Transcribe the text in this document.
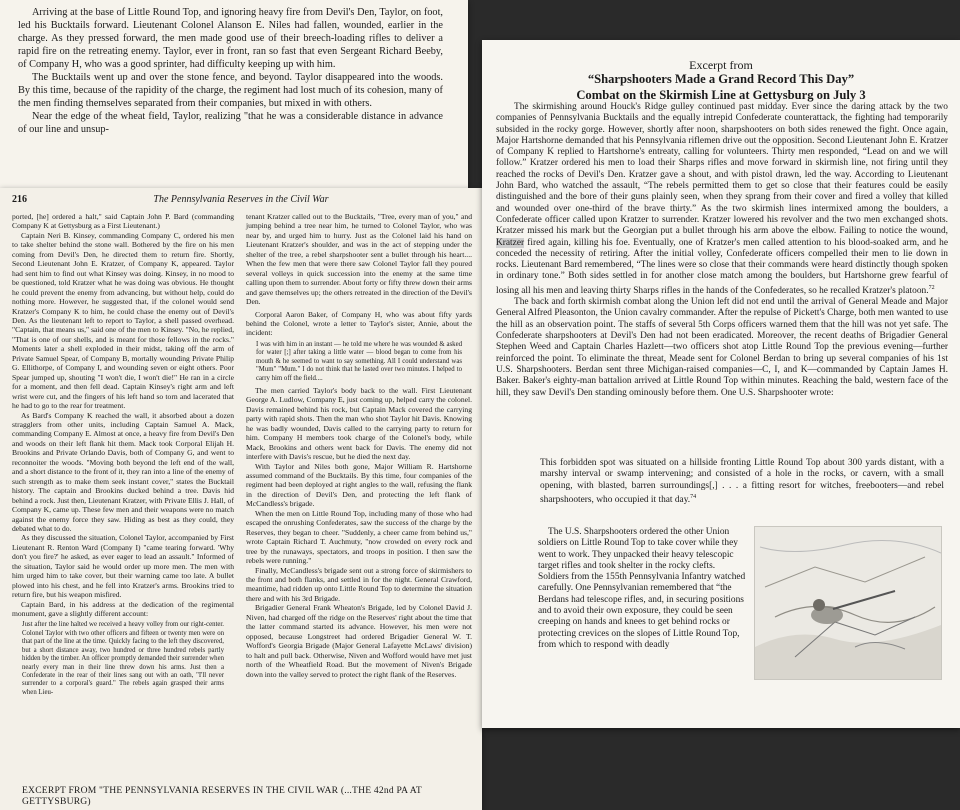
Arriving at the base of Little Round Top, and ignoring heavy fire from Devil's Den, Taylor, on foot, led his Bucktails forward. Lieutenant Colonel Alanson E. Niles had fallen, wounded, earlier in the charge. As they pressed forward, the men made good use of their breech-loading rifles to deliver a rapid fire on the retreating enemy. Taylor, ever in front, ran so fast that even Sergeant Richard Beeby, of Company H, who was a good sprinter, had difficulty keeping up with him.

The Bucktails went up and over the stone fence, and beyond. Taylor disappeared into the woods. By this time, because of the rapidity of the charge, the regiment had lost much of its cohesion, many of the men finding themselves separated from their companies, but mixed in with others.

Near the edge of the wheat field, Taylor, realizing "that he was a considerable distance in advance of our line and unsup-

216	The Pennsylvania Reserves in the Civil War

ported, [he] ordered a halt," said Captain John P. Bard (commanding Company K at Gettysburg as a First Lieutenant.)

Captain Neri B. Kinsey, commanding Company C, ordered his men to take shelter behind the stone wall. Bothered by the fire on his men coming from Devil's Den, he directed them to return fire. Shortly, Second Lieutenant John E. Kratzer, of Company K, appeared. Taylor had sent him to find out what Kinsey was doing. Kinsey, in no mood to be questioned, told Kratzer what he was doing was obvious. He thought he could prevent the enemy from advancing, but without help, could do nothing more. However, he suggested that, if the colonel would send Kratzer's Company K to him, he could chase the enemy out of Devil's Den. As the lieutenant left to report to Taylor, a shell passed overhead. "Captain, that means us," said one of the men to Kinsey. "No, he replied, "That is one of our shells, and is meant for those fellows in the rocks." Moments later a shell exploded in their midst, taking off the arm of Private Samuel Spear, of Company B, mortally wounding Private Philip G. Ellithorpe, of Company I, and wounding seven or eight others. Poor Spear jumped up, shouting "I won't die, I won't die!" He ran in a circle for a moment, and then fell dead. Captain Kinsey's right arm and left wrist were cut, and the fingers of his left hand so torn and lacerated that he had to go to the rear for treatment.

As Bard's Company K reached the wall, it absorbed about a dozen stragglers from other units, including Captain Samuel A. Mack, commanding Company E. Almost at once, a heavy fire from Devil's Den and woods on their left flank hit them. Mack took Corporal Elijah H. Brookins and Private Orlando Davis, both of Company G, and went to reconnoiter the woods. "Moving both beyond the left end of the wall, and a short distance to the front of it, they ran into a line of the enemy of such strength as to make them seek instant cover," states the Bucktail history. The captain and Brookins ducked behind a tree. Davis hid behind a rock. Just then, Lieutenant Kratzer, with Private Ellis J. Hall, of Company K, came up. These few men and their weapons were no match against the enemy force they saw. Hiding as best as they could, they debated what to do.

As they discussed the situation, Colonel Taylor, accompanied by First Lieutenant R. Renton Ward (Company I) "came tearing forward. 'Why don't you fire?' he asked, as ever eager to lead an assault." Informed of the situation, Taylor said he would order up more men. The men with him urged him to take cover, but their warning came too late. A bullet plowed into his chest, and he fell into Kratzer's arms. Brookins tried to return fire, but his weapon misfired.

Captain Bard, in his address at the dedication of the regimental monument, gave a slightly different account:

Just after the line halted we received a heavy volley from our right-center. Colonel Taylor with two other officers and fifteen or twenty men were on that part of the line at the time. Quickly facing to the left they discovered, but a short distance away, two hundred or three hundred rebels partly hidden by the timber. An officer promptly demanded their surrender when nearly every man in their line threw down his arms. Just then a Confederate in the rear of their lines sang out with an oath, "I'll never surrender to a corporal's guard." The rebels again grasped their arms when Lieu-

tenant Kratzer called out to the Bucktails, "Tree, every man of you," and jumping behind a tree near him, he turned to Colonel Taylor, who was near by, and urged him to hurry. Just as the Colonel laid his hand on Lieutenant Kratzer's shoulder, and was in the act of stepping under the shelter of the tree, a rebel sharpshooter sent a bullet through his heart.... When the few men that were there saw Colonel Taylor fall they poured several volleys in quick succession into the enemy at the same time calling upon them to surrender. About forty or fifty threw down their arms and gave themselves up; the others retreated in the direction of the Devil's Den.

Corporal Aaron Baker, of Company H, who was about fifty yards behind the Colonel, wrote a letter to Taylor's sister, Annie, about the incident:

I was with him in an instant — he told me where he was wounded & asked for water [;] after taking a little water — blood began to come from his mouth & he seemed to want to say something. All I could understand was "Mum" "Mum." I do not think that he lasted over two minutes. I helped to carry him off the field....

The men carried Taylor's body back to the wall. First Lieutenant George A. Ludlow, Company E, just coming up, helped carry the colonel. Davis remained behind his rock, but Captain Mack covered the carrying party with rapid shots. Then the man who shot Taylor hit Davis. Knowing he was badly wounded, Davis called to the carrying party to return for him. Company H members took charge of the Colonel's body, while Mack, Brookins and others went back for Davis. The enemy did not interfere with Davis's rescue, but he died the next day.

With Taylor and Niles both gone, Major William R. Hartshorne assumed command of the Bucktails. By this time, four companies of the regiment had been deployed at right angles to the wall, refusing the flank in the direction of Devil's Den, and protecting the left flank of McCandless's brigade.

When the men on Little Round Top, including many of those who had escaped the onrushing Confederates, saw the success of the charge by the Reserves, they began to cheer. "Suddenly, a cheer came from behind us," wrote Captain Richard T. Auchmuty, "now crowded on every rock and tree by the runaways, spectators, and troops in position. I then saw the rebels were running."

Finally, McCandless's brigade sent out a strong force of skirmishers to the front and both flanks, and settled in for the night. General Crawford, meantime, had ridden up onto Little Round Top to determine the situation there and with his 3rd Brigade.

Brigadier General Frank Wheaton's Brigade, led by Colonel David J. Niven, had charged off the ridge on the Reserves' right about the time that the latter command started its advance. However, his men were not opposed, because Longstreet had ordered Brigadier General W. T. Wofford's Georgia Brigade (Major General Lafayette McLaws' division) to halt and pull back. Otherwise, Niven and Wofford would have met just north of the Wheatfield Road. But the movement of Niven's Brigade down into the valley served to protect the right flank of the Reserves.

EXCERPT FROM "THE PENNSYLVANIA RESERVES IN THE CIVIL WAR (...THE 42nd PA AT GETTYSBURG)
Excerpt from
“Sharpshooters Made a Grand Record This Day”
Combat on the Skirmish Line at Gettysburg on July 3

The skirmishing around Houck's Ridge gulley continued past midday. Ever since the daring attack by the two companies of Pennsylvania Bucktails and the equally intrepid Confederate counterattack, the fighting had temporarily subsided in the rocky gorge. However, shortly after noon, sharpshooters on both sides renewed the fight. Once again, Major Hartshorne demanded that his Pennsylvania riflemen drive out the opposition. Second Lieutenant John E. Kratzer of Company K replied to Hartshorne's entreaty, calling for volunteers. Thirty men responded, “Lead on and we will follow.” Kratzer ordered his men to load their Sharps rifles and move forward in skirmish line, not firing until they reached the rocks of Devil's Den. Kratzer gave a shout, and with pistol drawn, led the way. According to Lieutenant John Bard, who watched the assault, “The rebels permitted them to get so close that their features could be easily distinguished and the bore of their guns plainly seen, when they sprang from their cover and fired a volley that killed and wounded over one-third of the brave thirty.” As the two skirmish lines intermixed among the boulders, a Confederate officer called upon Kratzer to surrender. Kratzer lowered his revolver and the two men exchanged shots. Kratzer missed his mark but the Georgian put a bullet through his arm above the elbow. Failing to notice the wound, Kratzer fired again, killing his foe. Eventually, one of Kratzer's men called attention to his blood-soaked arm, and he conceded the necessity of retiring. After the initial volley, Confederate officers compelled their men to lie down in rocks. Lieutenant Bard remembered, “The lines were so close that their commands were heard distinctly though spoken in ordinary tone.” Both sides settled in for another close match among the boulders, but Hartshorne grew fearful of losing all his men and leaving thirty Sharps rifles in the hands of the Confederates, so he recalled Kratzer's platoon.$^{72}$

The back and forth skirmish combat along the Union left did not end until the arrival of General Meade and Major General Alfred Pleasonton, the Union cavalry commander. After the repulse of Pickett's Charge, both men wanted to use the hill as an observation point. The staffs of several 5th Corps officers warned them that the hill was not yet safe. The Confederate sharpshooters at Devil's Den had not been eradicated. Moreover, the recent deaths of Brigadier General Stephen Weed and Captain Charles Hazlett—two officers shot atop Little Round Top the previous evening—further reinforced the point. To eliminate the threat, Meade sent for Colonel Berdan to bring up several companies of his 1st U.S. Sharpshooters. Berdan sent three Michigan-raised companies—C, I, and K—commanded by Captain James H. Baker. Baker's eighty-man battalion arrived at Little Round Top within minutes. Reaching the bald, western face of the hill, they saw Devil's Den standing ominously before them. One U.S. Sharpshooter wrote:

This forbidden spot was situated on a hillside fronting Little Round Top about 300 yards distant, with a marshy interval or swamp intervening; and consisted of a hole in the rocks, or cavern, with a small opening, with blasted, barren surroundings[,] . . . a fitting resort for witches, freebooters—and rebel sharpshooters, who occupied it that day.$^{74}$

The U.S. Sharpshooters ordered the other Union soldiers on Little Round Top to take cover while they went to work. They unpacked their heavy telescopic target rifles and took shelter in the rocky clefts. Soldiers from the 155th Pennsylvania Infantry watched carefully. One Pennsylvanian remembered that “the Berdans had telescope rifles, and, in securing positions and to avoid their own exposure, they could be seen creeping on hands and knees to get behind rocks or protecting crevices on the slopes of Little Round Top, from which to respond with deadly
